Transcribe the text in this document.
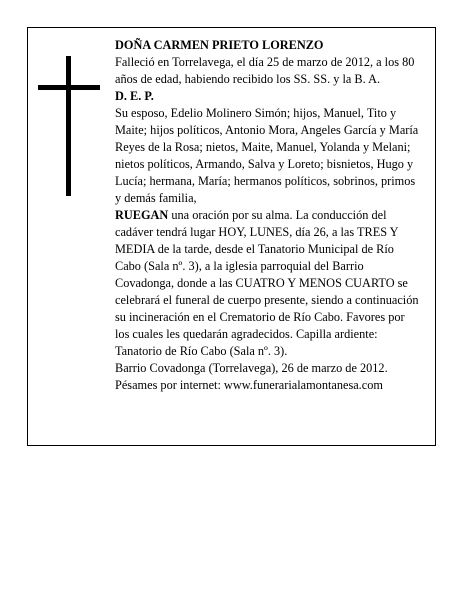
DOÑA CARMEN PRIETO LORENZO

Falleció en Torrelavega, el día 25 de marzo de 2012, a los 80 años de edad, habiendo recibido los SS. SS. y la B. A.

D. E. P.

Su esposo, Edelio Molinero Simón; hijos, Manuel, Tito y Maite; hijos políticos, Antonio Mora, Angeles García y María Reyes de la Rosa; nietos, Maite, Manuel, Yolanda y Melani; nietos políticos, Armando, Salva y Loreto; bisnietos, Hugo y Lucía; hermana, María; hermanos políticos, sobrinos, primos y demás familia,

RUEGAN una oración por su alma. La conducción del cadáver tendrá lugar HOY, LUNES, día 26, a las TRES Y MEDIA de la tarde, desde el Tanatorio Municipal de Río Cabo (Sala nº. 3), a la iglesia parroquial del Barrio Covadonga, donde a las CUATRO Y MENOS CUARTO se celebrará el funeral de cuerpo presente, siendo a continuación su incineración en el Crematorio de Río Cabo. Favores por los cuales les quedarán agradecidos. Capilla ardiente: Tanatorio de Río Cabo (Sala nº. 3).

Barrio Covadonga (Torrelavega), 26 de marzo de 2012.

Pésames por internet: www.funerarialamontanesa.com
